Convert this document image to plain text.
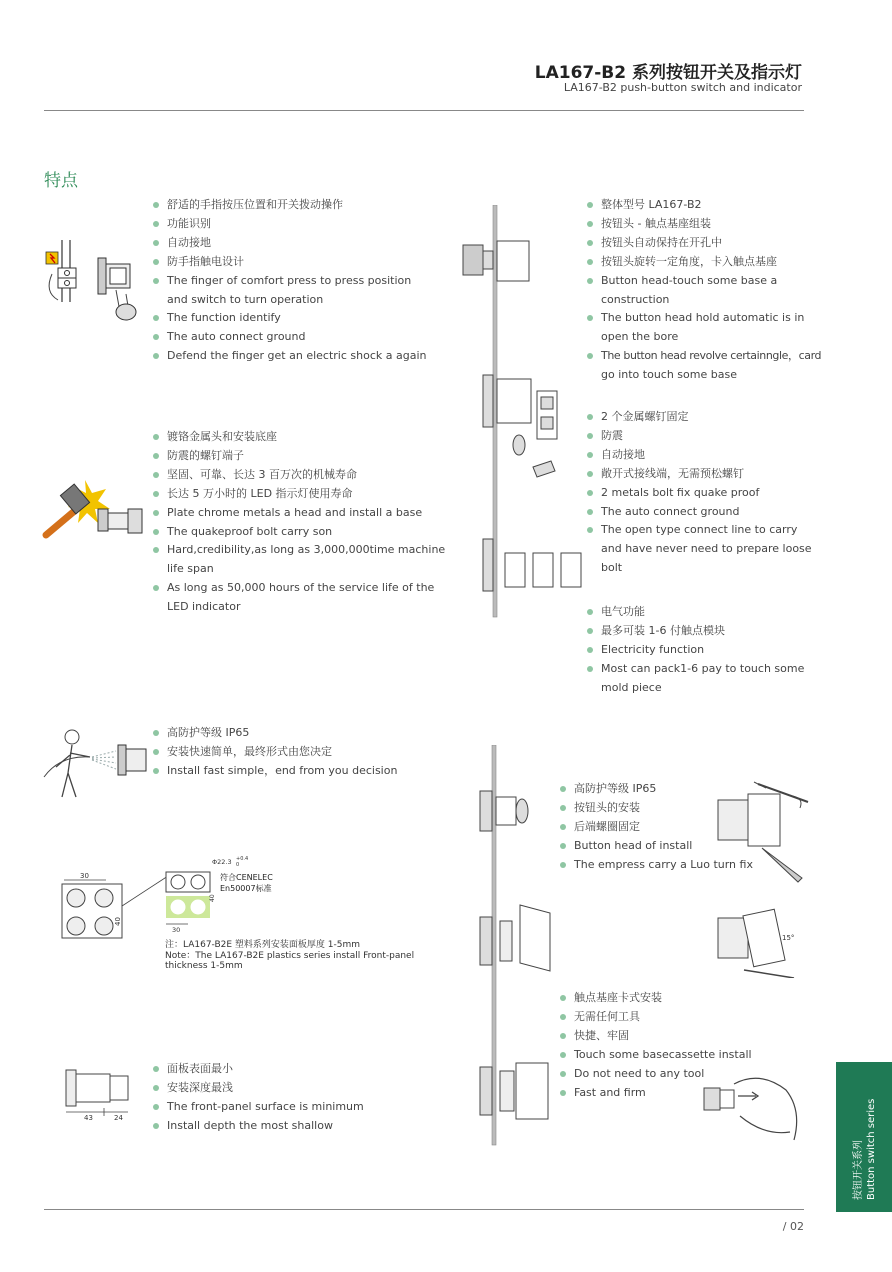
LA167-B2 系列按钮开关及指示灯
LA167-B2 push-button switch and indicator
特点
舒适的手指按压位置和开关拨动操作
功能识别
自动接地
防手指触电设计
The finger of comfort press to press position
and switch to turn operation
The function identify
The auto connect ground
Defend the finger get an electric shock a again
镀铬金属头和安装底座
防震的螺钉端子
坚固、可靠、长达 3 百万次的机械寿命
长达 5 万小时的 LED 指示灯使用寿命
Plate chrome metals a head and install a base
The quakeproof bolt carry son
Hard,credibility,as long as 3,000,000time machine
life span
As long as 50,000 hours of the service life of the
LED indicator
高防护等级 IP65
安装快速简单，最终形式由您决定
Install fast simple，end from you decision
30
40
Φ22.3 +0.4
0
符合CENELEC
En50007标准
40
30
注：LA167-B2E 塑料系列安装面板厚度 1-5mm
Note：The LA167-B2E plastics series install Front-panel
thickness 1-5mm
43	24
面板表面最小
安装深度最浅
The front-panel surface is minimum
Install depth the most shallow
整体型号 LA167-B2
按钮头 - 触点基座组装
按钮头自动保持在开孔中
按钮头旋转一定角度，卡入触点基座
Button head-touch some base a
construction
The button head hold automatic is in
open the bore
The button head revolve certainngle，card
go into touch some base
2 个金属螺钉固定
防震
自动接地
敞开式接线端，无需预松螺钉
2 metals bolt fix quake proof
The auto connect ground
The open type connect line to carry
and have never need to prepare loose
bolt
电气功能
最多可装 1-6 付触点模块
Electricity function
Most can pack1-6 pay to touch some
mold piece
高防护等级 IP65
按钮头的安装
后端螺圈固定
Button head of install
The empress carry a Luo turn fix
15°
触点基座卡式安装
无需任何工具
快捷、牢固
Touch some basecassette install
Do not need to any tool
Fast and firm
/ 02
按钮开关系列 Button switch series
